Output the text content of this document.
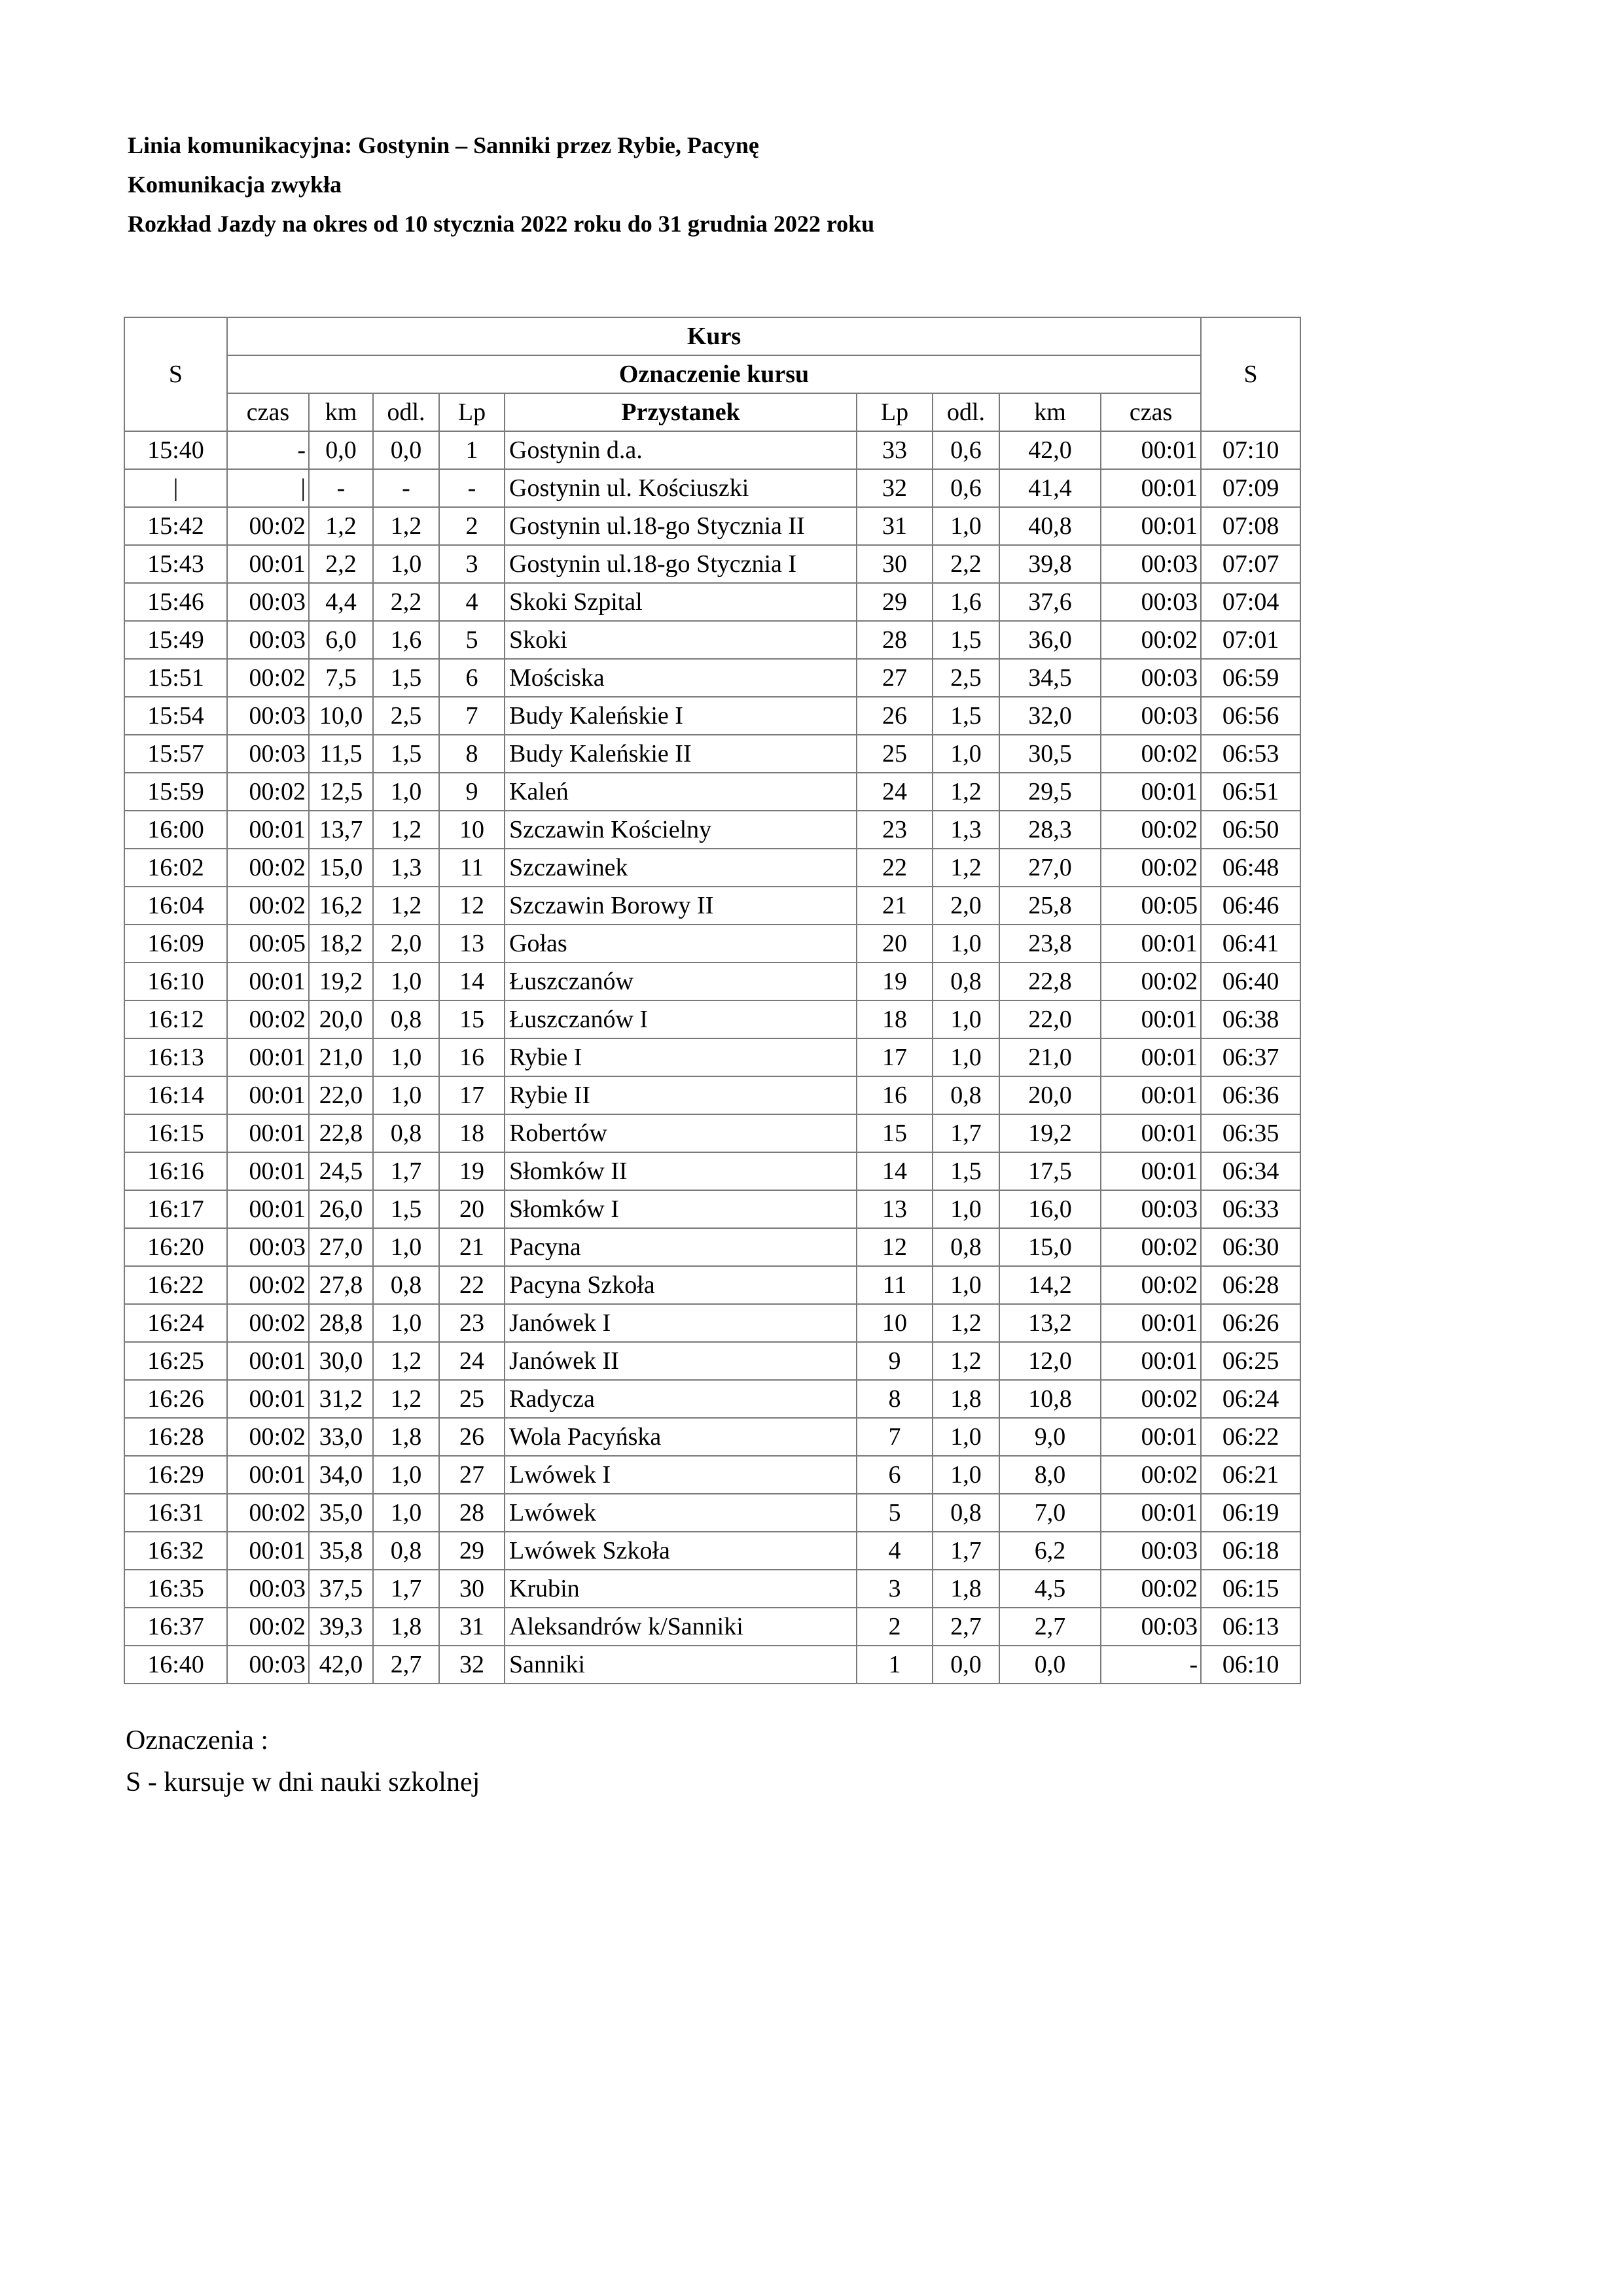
Linia komunikacyjna: Gostynin – Sanniki przez Rybie, Pacynę
Komunikacja zwykła
Rozkład Jazdy na okres od 10 stycznia 2022 roku do 31 grudnia 2022 roku
S	Kurs									S
	Oznaczenie kursu									
	czas	km	odl.	Lp	Przystanek	Lp	odl.	km	czas	
15:40	-	0,0	0,0	1	Gostynin d.a.	33	0,6	42,0	00:01	07:10
|	|	-	-	-	Gostynin ul. Kościuszki	32	0,6	41,4	00:01	07:09
15:42	00:02	1,2	1,2	2	Gostynin ul.18-go Stycznia II	31	1,0	40,8	00:01	07:08
15:43	00:01	2,2	1,0	3	Gostynin ul.18-go Stycznia I	30	2,2	39,8	00:03	07:07
15:46	00:03	4,4	2,2	4	Skoki Szpital	29	1,6	37,6	00:03	07:04
15:49	00:03	6,0	1,6	5	Skoki	28	1,5	36,0	00:02	07:01
15:51	00:02	7,5	1,5	6	Mościska	27	2,5	34,5	00:03	06:59
15:54	00:03	10,0	2,5	7	Budy Kaleńskie I	26	1,5	32,0	00:03	06:56
15:57	00:03	11,5	1,5	8	Budy Kaleńskie II	25	1,0	30,5	00:02	06:53
15:59	00:02	12,5	1,0	9	Kaleń	24	1,2	29,5	00:01	06:51
16:00	00:01	13,7	1,2	10	Szczawin Kościelny	23	1,3	28,3	00:02	06:50
16:02	00:02	15,0	1,3	11	Szczawinek	22	1,2	27,0	00:02	06:48
16:04	00:02	16,2	1,2	12	Szczawin Borowy II	21	2,0	25,8	00:05	06:46
16:09	00:05	18,2	2,0	13	Gołas	20	1,0	23,8	00:01	06:41
16:10	00:01	19,2	1,0	14	Łuszczanów	19	0,8	22,8	00:02	06:40
16:12	00:02	20,0	0,8	15	Łuszczanów I	18	1,0	22,0	00:01	06:38
16:13	00:01	21,0	1,0	16	Rybie I	17	1,0	21,0	00:01	06:37
16:14	00:01	22,0	1,0	17	Rybie II	16	0,8	20,0	00:01	06:36
16:15	00:01	22,8	0,8	18	Robertów	15	1,7	19,2	00:01	06:35
16:16	00:01	24,5	1,7	19	Słomków II	14	1,5	17,5	00:01	06:34
16:17	00:01	26,0	1,5	20	Słomków I	13	1,0	16,0	00:03	06:33
16:20	00:03	27,0	1,0	21	Pacyna	12	0,8	15,0	00:02	06:30
16:22	00:02	27,8	0,8	22	Pacyna Szkoła	11	1,0	14,2	00:02	06:28
16:24	00:02	28,8	1,0	23	Janówek I	10	1,2	13,2	00:01	06:26
16:25	00:01	30,0	1,2	24	Janówek II	9	1,2	12,0	00:01	06:25
16:26	00:01	31,2	1,2	25	Radycza	8	1,8	10,8	00:02	06:24
16:28	00:02	33,0	1,8	26	Wola Pacyńska	7	1,0	9,0	00:01	06:22
16:29	00:01	34,0	1,0	27	Lwówek I	6	1,0	8,0	00:02	06:21
16:31	00:02	35,0	1,0	28	Lwówek	5	0,8	7,0	00:01	06:19
16:32	00:01	35,8	0,8	29	Lwówek Szkoła	4	1,7	6,2	00:03	06:18
16:35	00:03	37,5	1,7	30	Krubin	3	1,8	4,5	00:02	06:15
16:37	00:02	39,3	1,8	31	Aleksandrów k/Sanniki	2	2,7	2,7	00:03	06:13
16:40	00:03	42,0	2,7	32	Sanniki	1	0,0	0,0	-	06:10
Oznaczenia :
S - kursuje w dni nauki szkolnej
